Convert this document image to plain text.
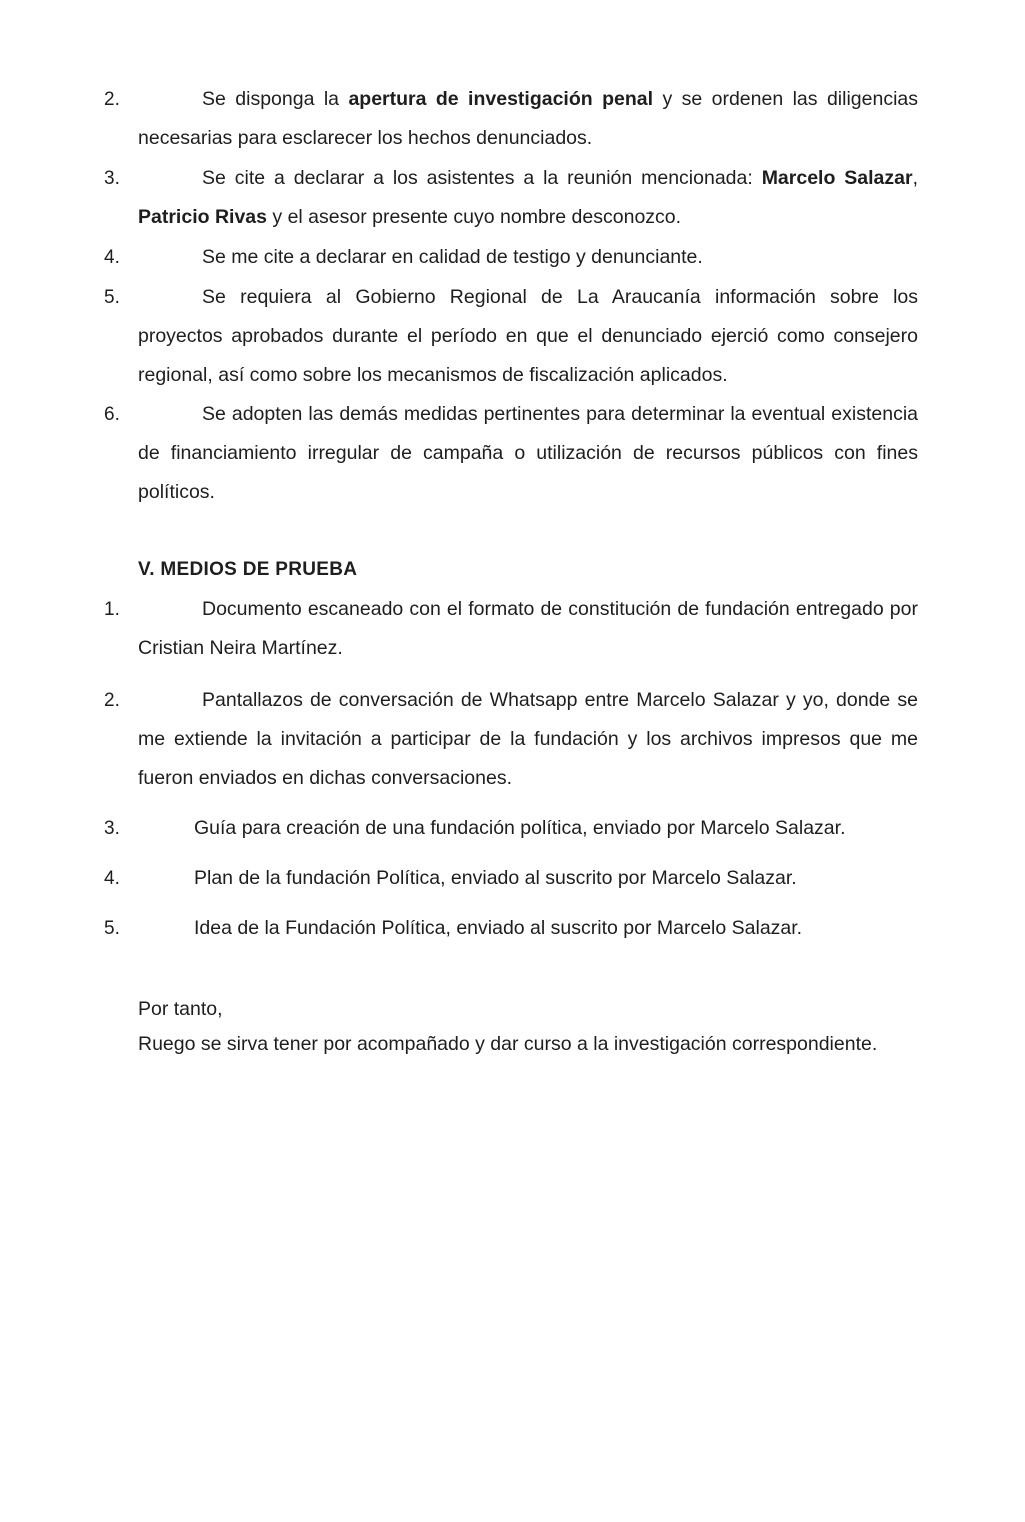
2.	Se disponga la apertura de investigación penal y se ordenen las diligencias necesarias para esclarecer los hechos denunciados.
3.	Se cite a declarar a los asistentes a la reunión mencionada: Marcelo Salazar, Patricio Rivas y el asesor presente cuyo nombre desconozco.
4.	Se me cite a declarar en calidad de testigo y denunciante.
5.	Se requiera al Gobierno Regional de La Araucanía información sobre los proyectos aprobados durante el período en que el denunciado ejerció como consejero regional, así como sobre los mecanismos de fiscalización aplicados.
6.	Se adopten las demás medidas pertinentes para determinar la eventual existencia de financiamiento irregular de campaña o utilización de recursos públicos con fines políticos.
V. MEDIOS DE PRUEBA
1.	Documento escaneado con el formato de constitución de fundación entregado por Cristian Neira Martínez.
2.	Pantallazos de conversación de Whatsapp entre Marcelo Salazar y yo, donde se me extiende la invitación a participar de la fundación y los archivos impresos que me fueron enviados en dichas conversaciones.
3.	Guía para creación de una fundación política, enviado por Marcelo Salazar.
4.	Plan de la fundación Política, enviado al suscrito por Marcelo Salazar.
5.	Idea de la Fundación Política, enviado al suscrito por Marcelo Salazar.
Por tanto,
Ruego se sirva tener por acompañado y dar curso a la investigación correspondiente.
